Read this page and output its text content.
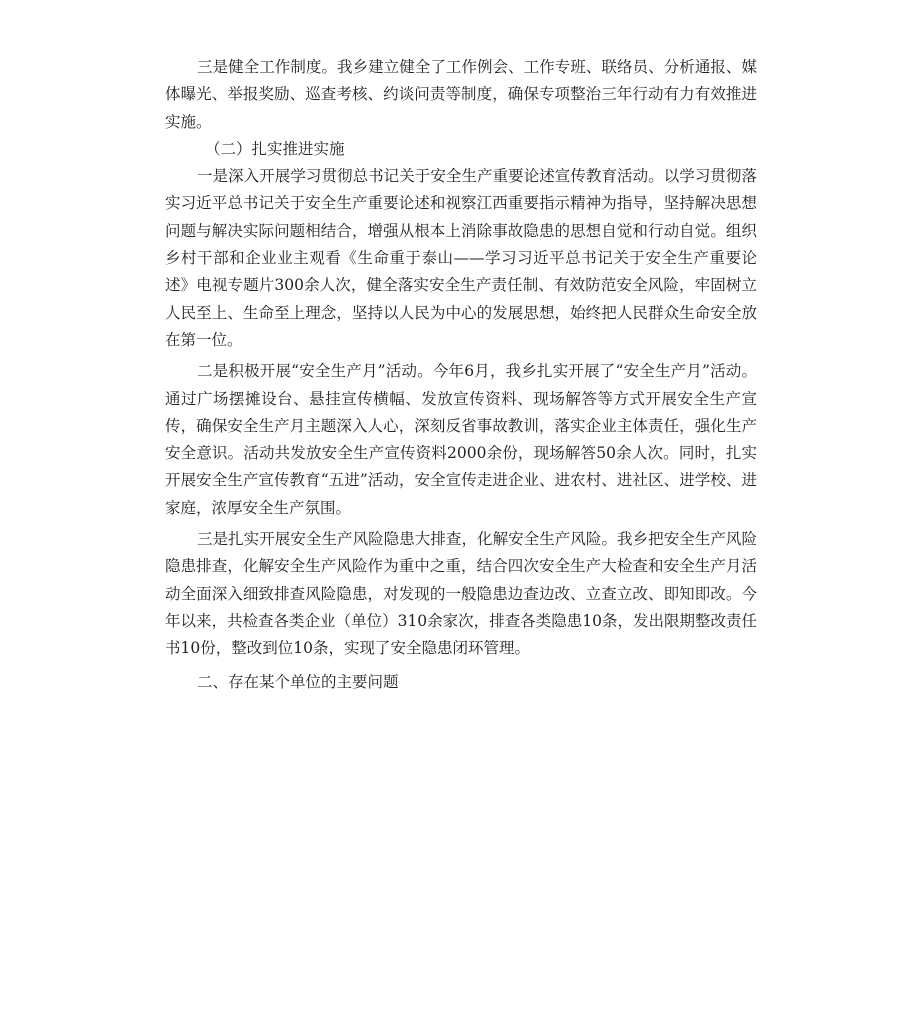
三是健全工作制度。我乡建立健全了工作例会、工作专班、联络员、分析通报、媒体曝光、举报奖励、巡查考核、约谈问责等制度，确保专项整治三年行动有力有效推进实施。

（二）扎实推进实施

一是深入开展学习贯彻总书记关于安全生产重要论述宣传教育活动。以学习贯彻落实习近平总书记关于安全生产重要论述和视察江西重要指示精神为指导，坚持解决思想问题与解决实际问题相结合，增强从根本上消除事故隐患的思想自觉和行动自觉。组织乡村干部和企业业主观看《生命重于泰山——学习习近平总书记关于安全生产重要论述》电视专题片300余人次，健全落实安全生产责任制、有效防范安全风险，牢固树立人民至上、生命至上理念，坚持以人民为中心的发展思想，始终把人民群众生命安全放在第一位。

二是积极开展“安全生产月”活动。今年6月，我乡扎实开展了“安全生产月”活动。通过广场摆摊设台、悬挂宣传横幅、发放宣传资料、现场解答等方式开展安全生产宣传，确保安全生产月主题深入人心，深刻反省事故教训，落实企业主体责任，强化生产安全意识。活动共发放安全生产宣传资料2000余份，现场解答50余人次。同时，扎实开展安全生产宣传教育“五进”活动，安全宣传走进企业、进农村、进社区、进学校、进家庭，浓厚安全生产氛围。

三是扎实开展安全生产风险隐患大排查，化解安全生产风险。我乡把安全生产风险隐患排查，化解安全生产风险作为重中之重，结合四次安全生产大检查和安全生产月活动全面深入细致排查风险隐患，对发现的一般隐患边查边改、立查立改、即知即改。今年以来，共检查各类企业（单位）310余家次，排查各类隐患10条，发出限期整改责任书10份，整改到位10条，实现了安全隐患闭环管理。

二、存在某个单位的主要问题
